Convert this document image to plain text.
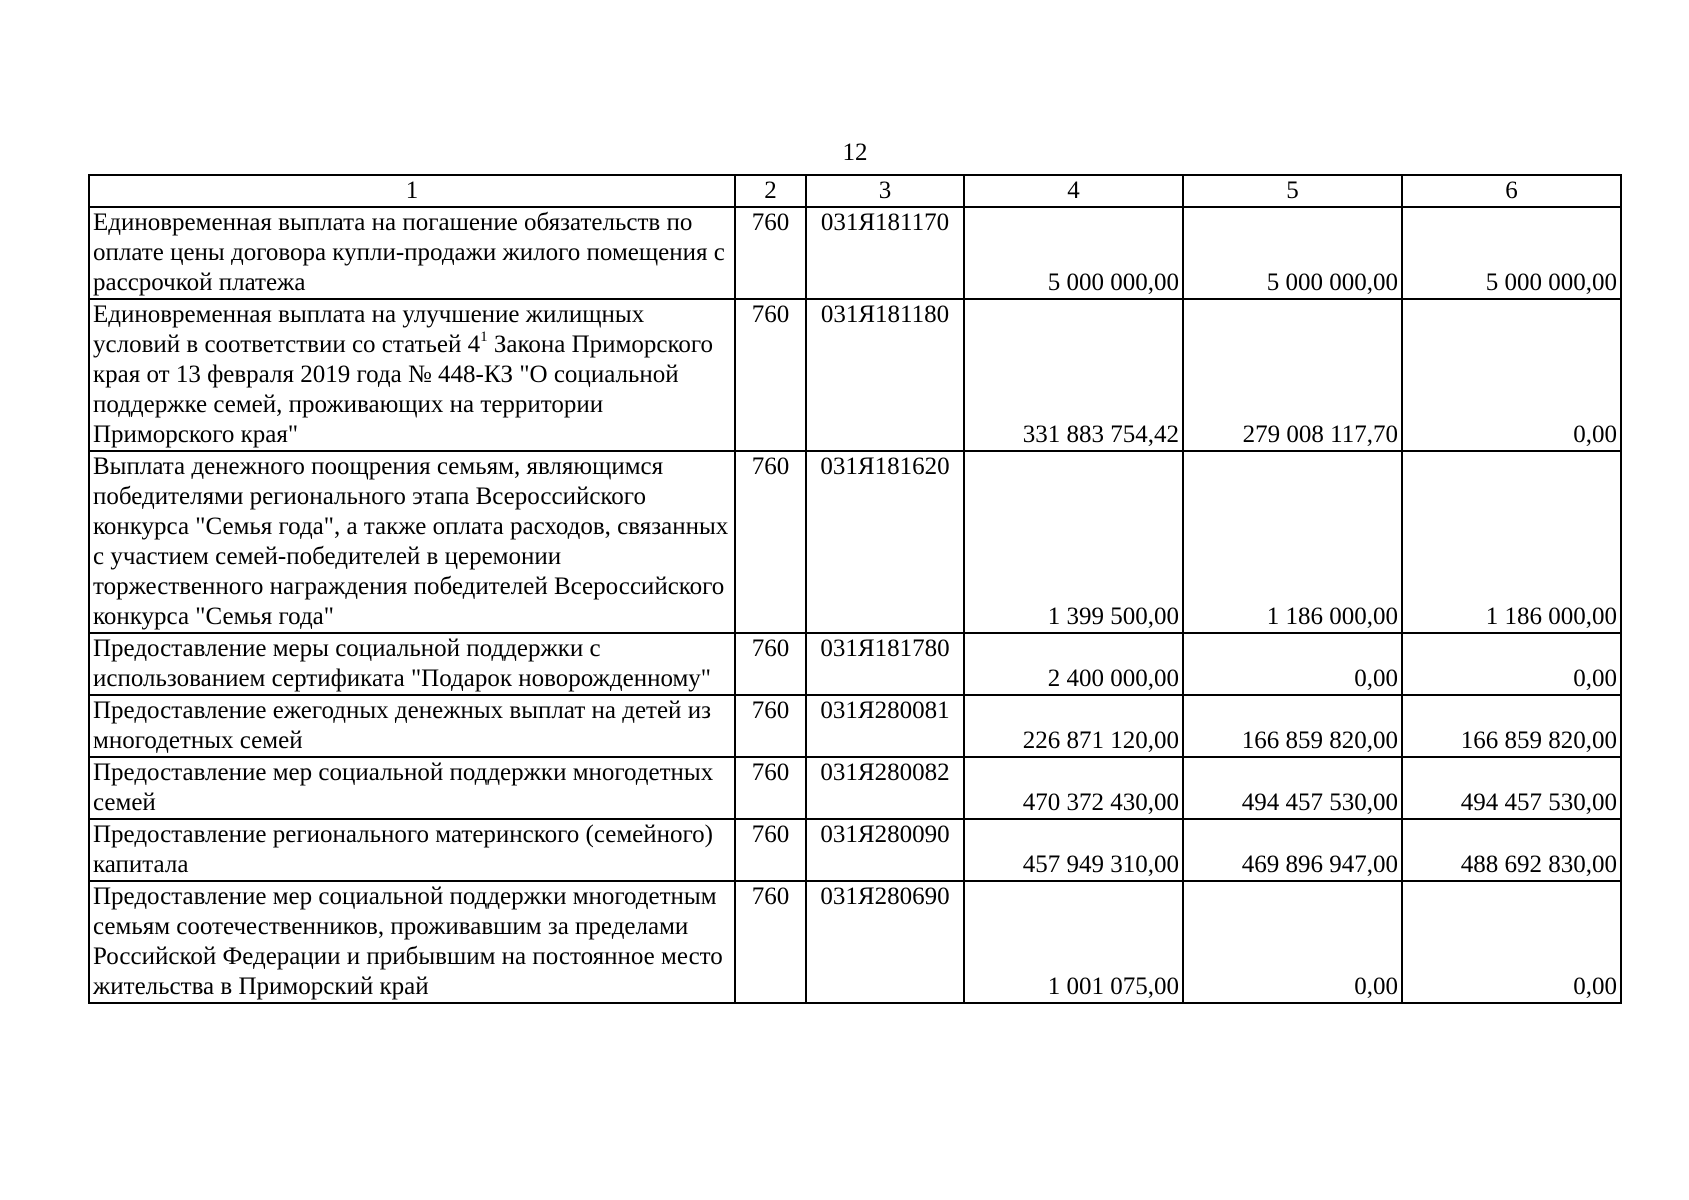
12
1	2	3	4	5	6
Единовременная выплата на погашение обязательств по оплате цены договора купли-продажи жилого помещения с рассрочкой платежа	760	031Я181170	5 000 000,00	5 000 000,00	5 000 000,00
Единовременная выплата на улучшение жилищных условий в соответствии со статьей $4^1$ Закона Приморского края от 13 февраля 2019 года № 448-КЗ "О социальной поддержке семей, проживающих на территории Приморского края"	760	031Я181180	331 883 754,42	279 008 117,70	0,00
Выплата денежного поощрения семьям, являющимся победителями регионального этапа Всероссийского конкурса "Семья года", а также оплата расходов, связанных с участием семей-победителей в церемонии торжественного награждения победителей Всероссийского конкурса "Семья года"	760	031Я181620	1 399 500,00	1 186 000,00	1 186 000,00
Предоставление меры социальной поддержки с использованием сертификата "Подарок новорожденному"	760	031Я181780	2 400 000,00	0,00	0,00
Предоставление ежегодных денежных выплат на детей из многодетных семей	760	031Я280081	226 871 120,00	166 859 820,00	166 859 820,00
Предоставление мер социальной поддержки многодетных семей	760	031Я280082	470 372 430,00	494 457 530,00	494 457 530,00
Предоставление регионального материнского (семейного) капитала	760	031Я280090	457 949 310,00	469 896 947,00	488 692 830,00
Предоставление мер социальной поддержки многодетным семьям соотечественников, проживавшим за пределами Российской Федерации и прибывшим на постоянное место жительства в Приморский край	760	031Я280690	1 001 075,00	0,00	0,00
